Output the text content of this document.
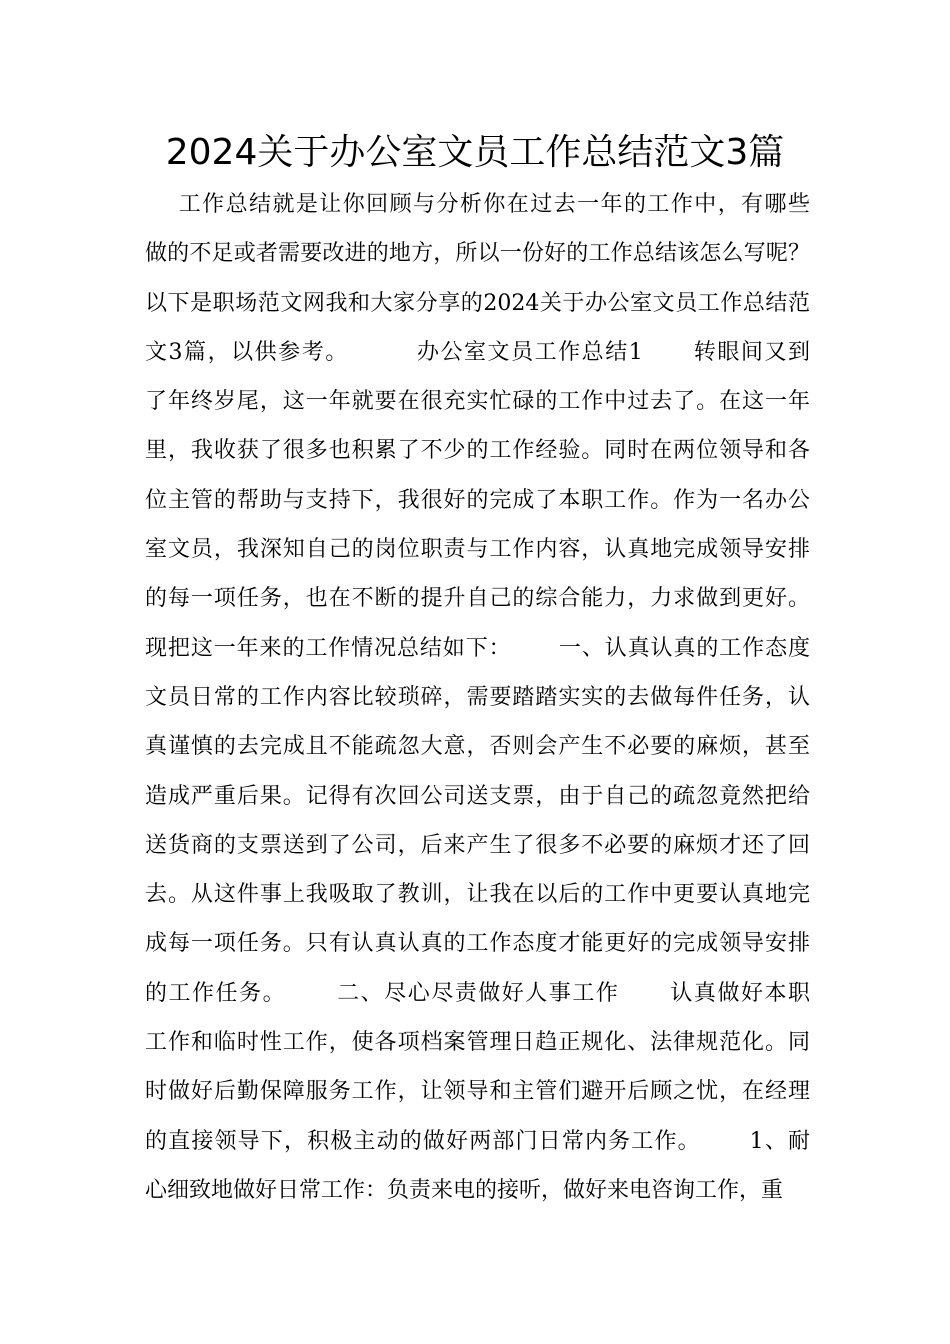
2024关于办公室文员工作总结范文3篇
工作总结就是让你回顾与分析你在过去一年的工作中，有哪些
做的不足或者需要改进的地方，所以一份好的工作总结该怎么写呢？
以下是职场范文网我和大家分享的2024关于办公室文员工作总结范
文3篇，以供参考。        办公室文员工作总结1      转眼间又到
了年终岁尾，这一年就要在很充实忙碌的工作中过去了。在这一年
里，我收获了很多也积累了不少的工作经验。同时在两位领导和各
位主管的帮助与支持下，我很好的完成了本职工作。作为一名办公
室文员，我深知自己的岗位职责与工作内容，认真地完成领导安排
的每一项任务，也在不断的提升自己的综合能力，力求做到更好。
现把这一年来的工作情况总结如下：      一、认真认真的工作态度
文员日常的工作内容比较琐碎，需要踏踏实实的去做每件任务，认
真谨慎的去完成且不能疏忽大意，否则会产生不必要的麻烦，甚至
造成严重后果。记得有次回公司送支票，由于自己的疏忽竟然把给
送货商的支票送到了公司，后来产生了很多不必要的麻烦才还了回
去。从这件事上我吸取了教训，让我在以后的工作中更要认真地完
成每一项任务。只有认真认真的工作态度才能更好的完成领导安排
的工作任务。      二、尽心尽责做好人事工作      认真做好本职
工作和临时性工作，使各项档案管理日趋正规化、法律规范化。同
时做好后勤保障服务工作，让领导和主管们避开后顾之忧，在经理
的直接领导下，积极主动的做好两部门日常内务工作。      1、耐
心细致地做好日常工作：负责来电的接听，做好来电咨询工作，重
